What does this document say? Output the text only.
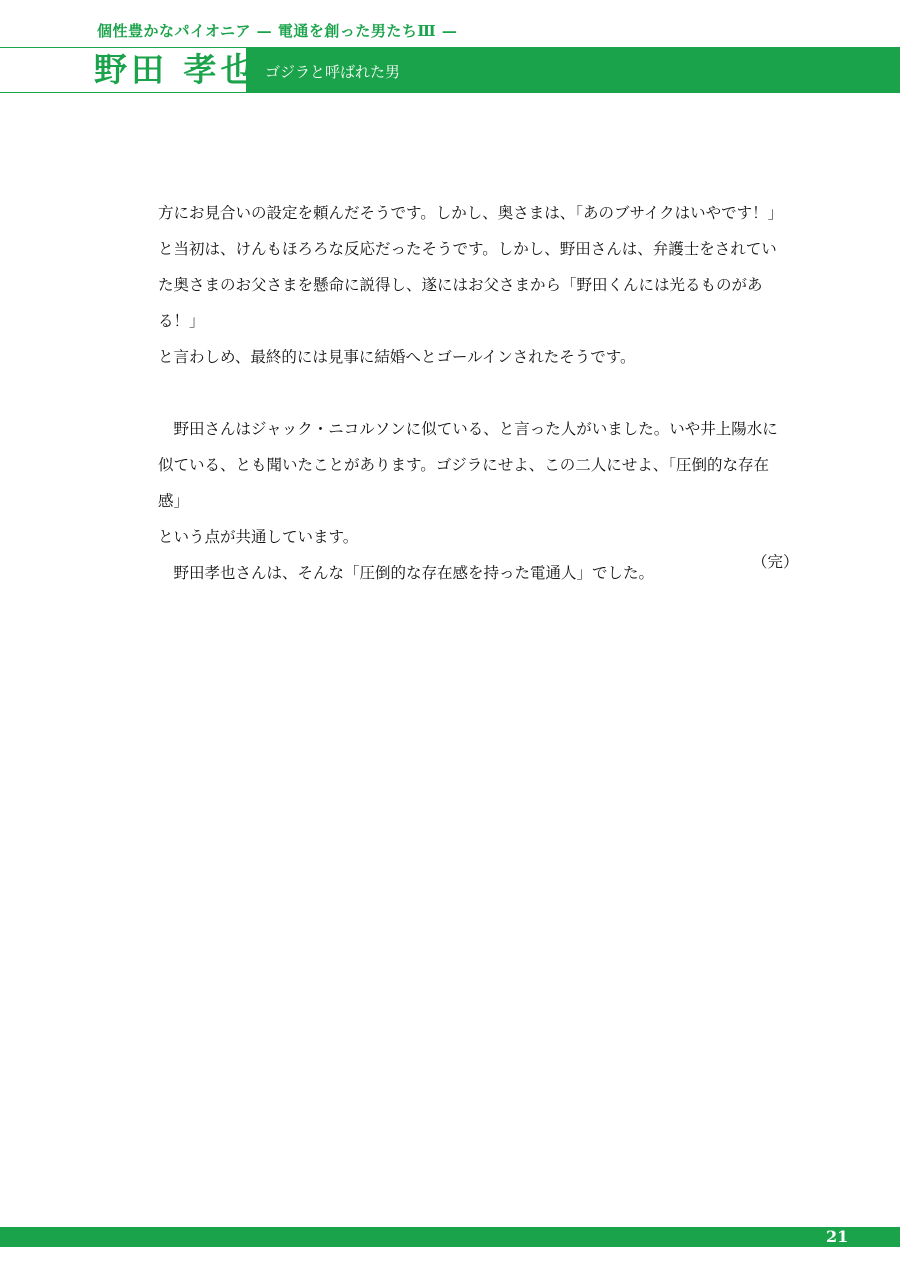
個性豊かなパイオニア — 電通を創った男たちⅢ —
野田 孝也 ゴジラと呼ばれた男

方にお見合いの設定を頼んだそうです。しかし、奥さまは、「あのブサイクはいやです！」

と当初は、けんもほろろな反応だったそうです。しかし、野田さんは、弁護士をされてい

た奥さまのお父さまを懸命に説得し、遂にはお父さまから「野田くんには光るものがある！」

と言わしめ、最終的には見事に結婚へとゴールインされたそうです。

野田さんはジャック・ニコルソンに似ている、と言った人がいました。いや井上陽水に

似ている、とも聞いたことがあります。ゴジラにせよ、この二人にせよ、「圧倒的な存在感」

という点が共通しています。

野田孝也さんは、そんな「圧倒的な存在感を持った電通人」でした。

（完）
21
